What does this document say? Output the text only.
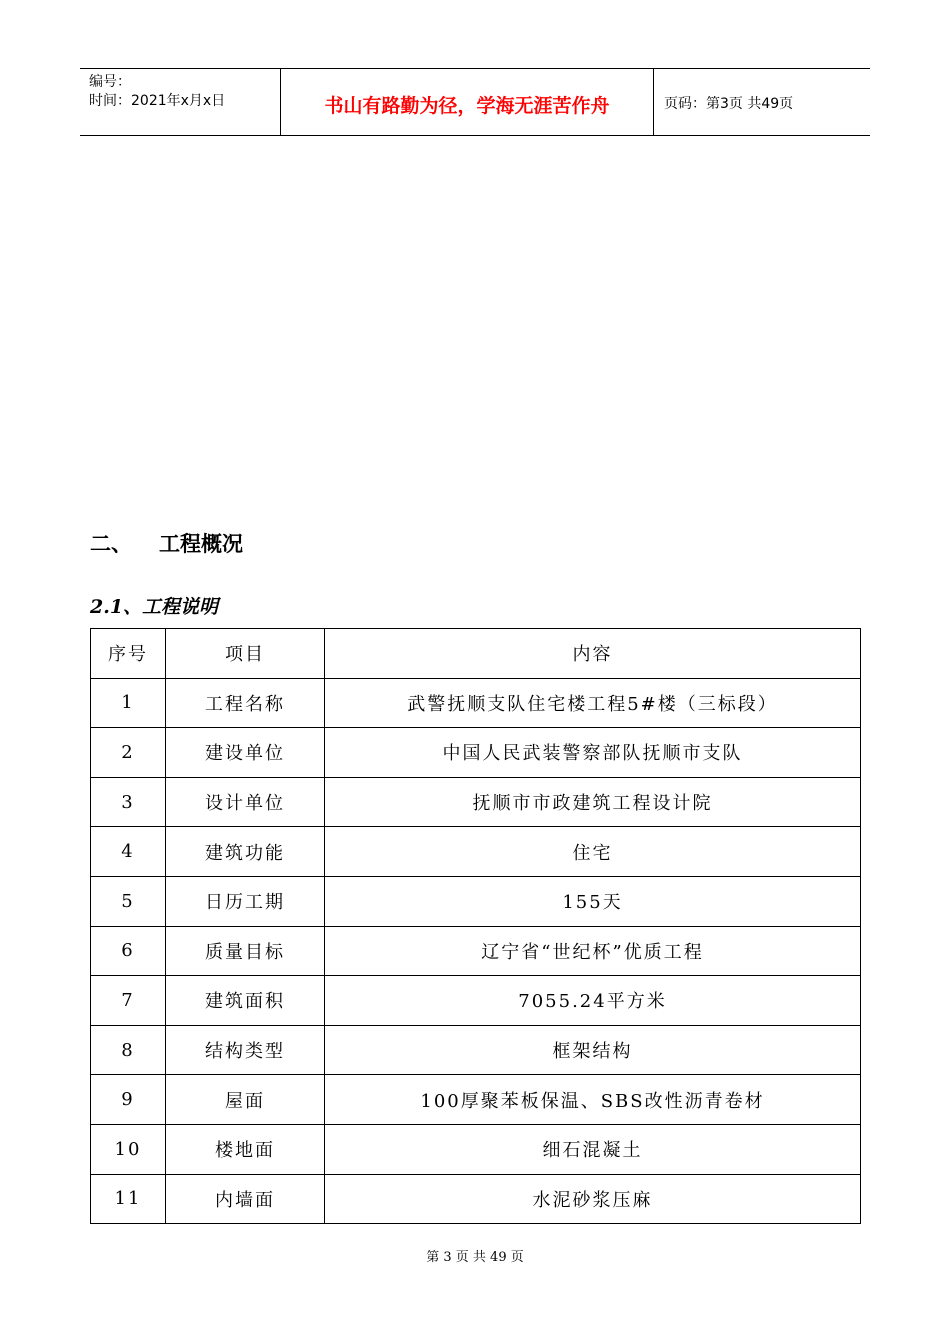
编号：
时间：2021年x月x日	书山有路勤为径，学海无涯苦作舟	页码：第3页 共49页
二、	工程概况
2.1、工程说明
序号	项目	内容
1	工程名称	武警抚顺支队住宅楼工程5#楼（三标段）
2	建设单位	中国人民武装警察部队抚顺市支队
3	设计单位	抚顺市市政建筑工程设计院
4	建筑功能	住宅
5	日历工期	155天
6	质量目标	辽宁省“世纪杯”优质工程
7	建筑面积	7055.24平方米
8	结构类型	框架结构
9	屋面	100厚聚苯板保温、SBS改性沥青卷材
10	楼地面	细石混凝土
11	内墙面	水泥砂浆压麻
第 3 页 共 49 页
